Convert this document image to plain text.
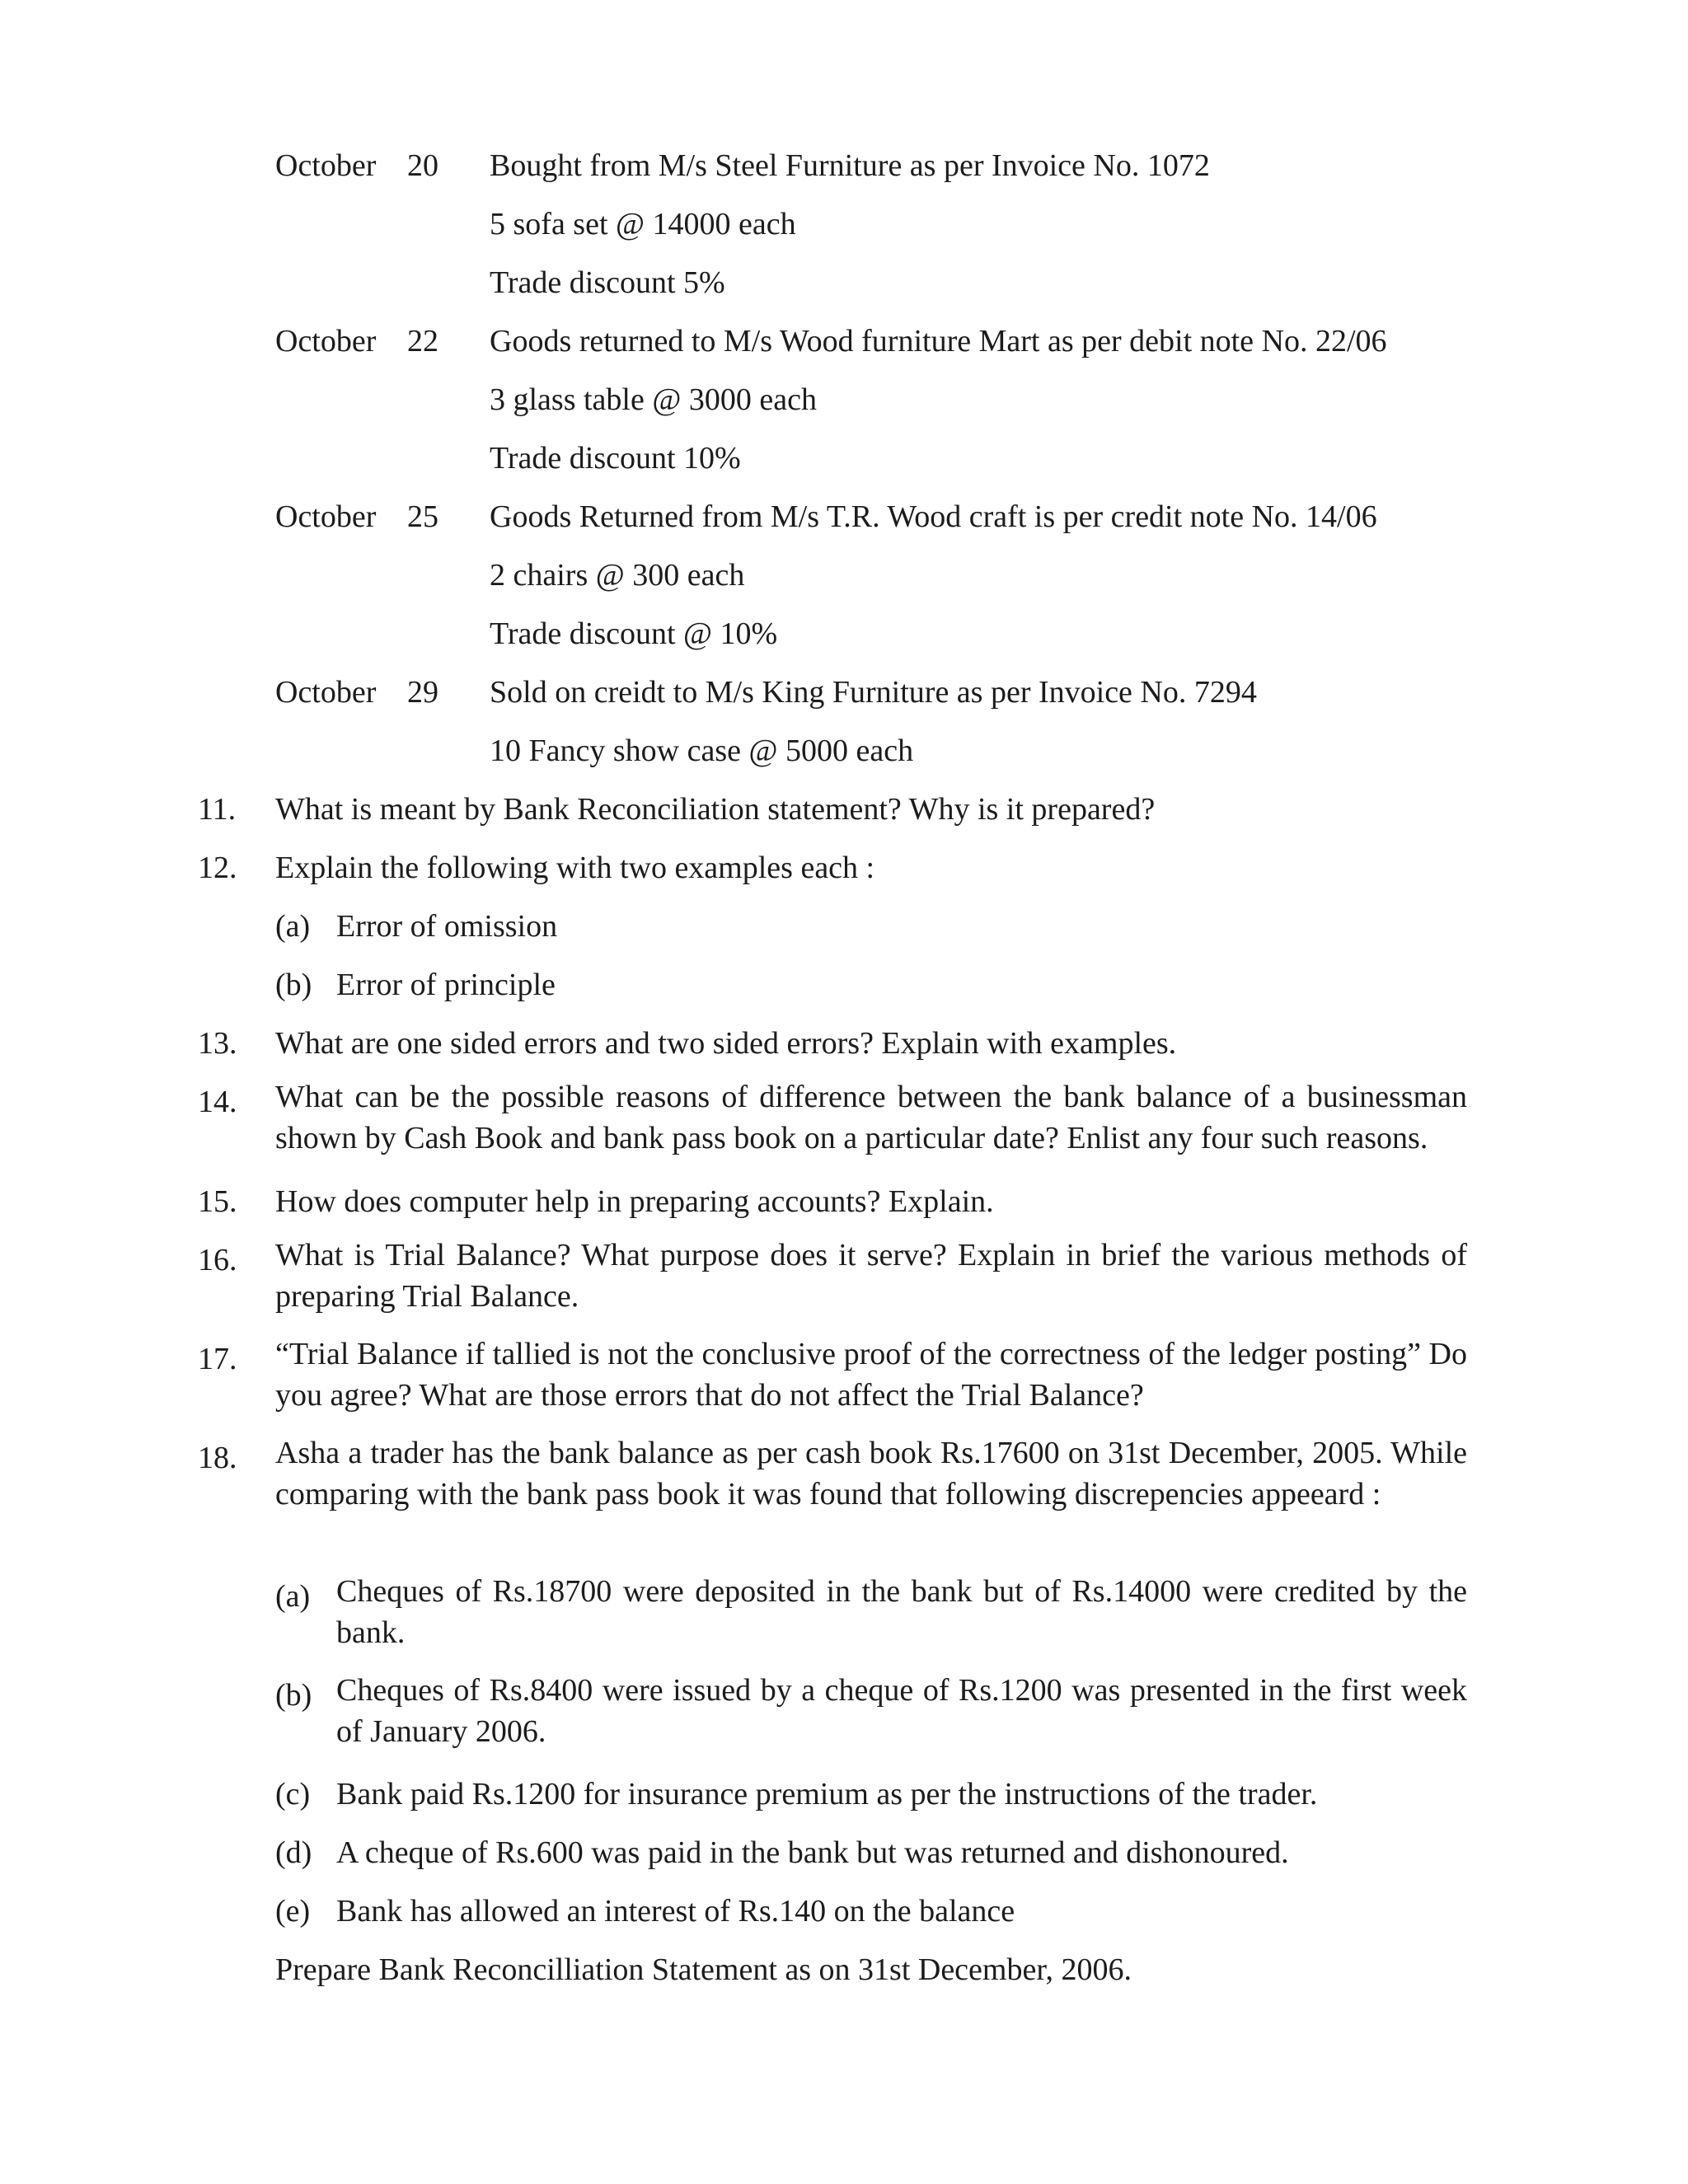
October 20 Bought from M/s Steel Furniture as per Invoice No. 1072
5 sofa set @ 14000 each
Trade discount 5%
October 22 Goods returned to M/s Wood furniture Mart as per debit note No. 22/06
3 glass table @ 3000 each
Trade discount 10%
October 25 Goods Returned from M/s T.R. Wood craft is per credit note No. 14/06
2 chairs @ 300 each
Trade discount @ 10%
October 29 Sold on creidt to M/s King Furniture as per Invoice No. 7294
10 Fancy show case @ 5000 each
11. What is meant by Bank Reconciliation statement? Why is it prepared?
12. Explain the following with two examples each :
(a) Error of omission
(b) Error of principle
13. What are one sided errors and two sided errors? Explain with examples.
14. What can be the possible reasons of difference between the bank balance of a businessman shown by Cash Book and bank pass book on a particular date? Enlist any four such reasons.
15. How does computer help in preparing accounts? Explain.
16. What is Trial Balance? What purpose does it serve? Explain in brief the various methods of preparing Trial Balance.
17. “Trial Balance if tallied is not the conclusive proof of the correctness of the ledger posting” Do you agree? What are those errors that do not affect the Trial Balance?
18. Asha a trader has the bank balance as per cash book Rs.17600 on 31st December, 2005. While comparing with the bank pass book it was found that following discrepencies appeeard :
(a) Cheques of Rs.18700 were deposited in the bank but of Rs.14000 were credited by the bank.
(b) Cheques of Rs.8400 were issued by a cheque of Rs.1200 was presented in the first week of January 2006.
(c) Bank paid Rs.1200 for insurance premium as per the instructions of the trader.
(d) A cheque of Rs.600 was paid in the bank but was returned and dishonoured.
(e) Bank has allowed an interest of Rs.140 on the balance
Prepare Bank Reconcilliation Statement as on 31st December, 2006.
